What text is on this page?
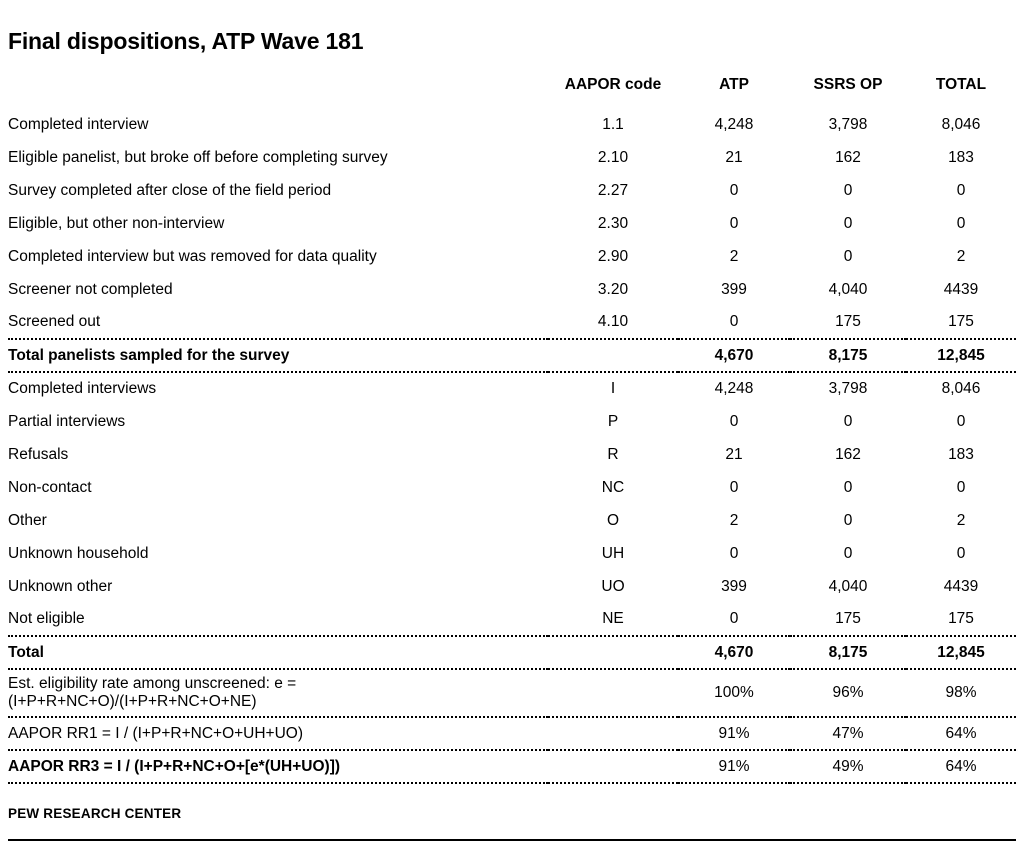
Final dispositions, ATP Wave 181
	AAPOR code	ATP	SSRS OP	TOTAL
Completed interview	1.1	4,248	3,798	8,046
Eligible panelist, but broke off before completing survey	2.10	21	162	183
Survey completed after close of the field period	2.27	0	0	0
Eligible, but other non-interview	2.30	0	0	0
Completed interview but was removed for data quality	2.90	2	0	2
Screener not completed	3.20	399	4,040	4439
Screened out	4.10	0	175	175
Total panelists sampled for the survey		4,670	8,175	12,845
Completed interviews	I	4,248	3,798	8,046
Partial interviews	P	0	0	0
Refusals	R	21	162	183
Non-contact	NC	0	0	0
Other	O	2	0	2
Unknown household	UH	0	0	0
Unknown other	UO	399	4,040	4439
Not eligible	NE	0	175	175
Total		4,670	8,175	12,845
Est. eligibility rate among unscreened: e = (I+P+R+NC+O)/(I+P+R+NC+O+NE)		100%	96%	98%
AAPOR RR1 = I / (I+P+R+NC+O+UH+UO)		91%	47%	64%
AAPOR RR3 = I / (I+P+R+NC+O+[e*(UH+UO)])		91%	49%	64%
PEW RESEARCH CENTER
